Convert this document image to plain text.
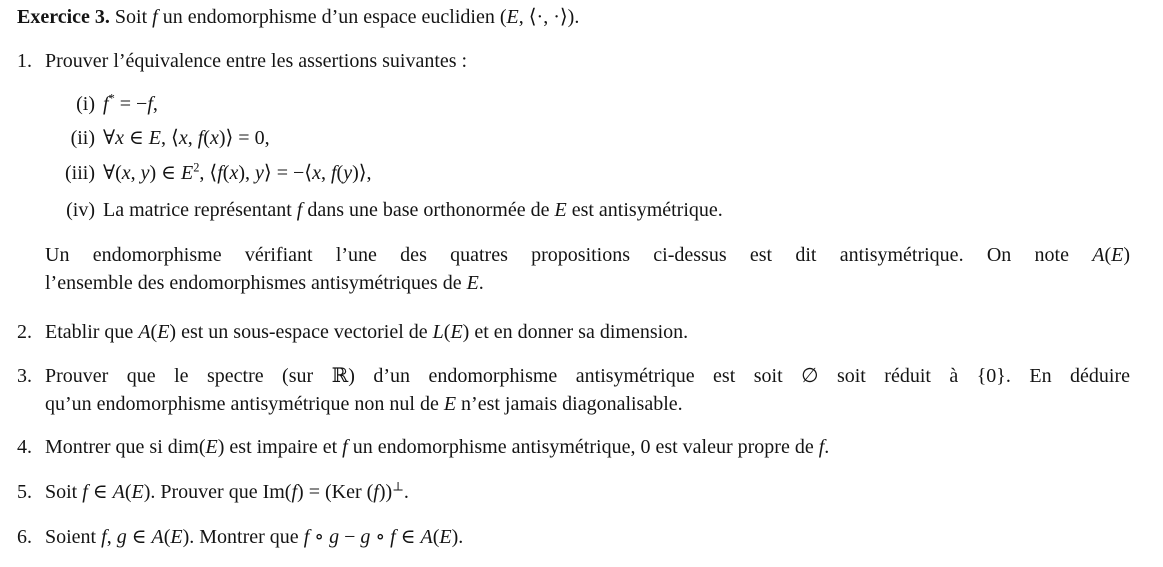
Exercice 3. Soit f un endomorphisme d’un espace euclidien (E, ⟨·, ·⟩).
1. Prouver l’équivalence entre les assertions suivantes :
(i) f* = −f,
(ii) ∀x ∈ E, ⟨x, f(x)⟩ = 0,
(iii) ∀(x, y) ∈ $E^2$, ⟨f(x), y⟩ = −⟨x, f(y)⟩,
(iv) La matrice représentant f dans une base orthonormée de E est antisymétrique.
Un endomorphisme vérifiant l’une des quatres propositions ci-dessus est dit antisymétrique. On note A(E)
l’ensemble des endomorphismes antisymétriques de E.
2. Etablir que A(E) est un sous-espace vectoriel de L(E) et en donner sa dimension.
3. Prouver que le spectre (sur ℝ) d’un endomorphisme antisymétrique est soit ∅ soit réduit à {0}. En déduire
qu’un endomorphisme antisymétrique non nul de E n’est jamais diagonalisable.
4. Montrer que si dim(E) est impaire et f un endomorphisme antisymétrique, 0 est valeur propre de f.
5. Soit f ∈ A(E). Prouver que Im(f) = (Ker (f))⊥.
6. Soient f, g ∈ A(E). Montrer que f ∘ g − g ∘ f ∈ A(E).
